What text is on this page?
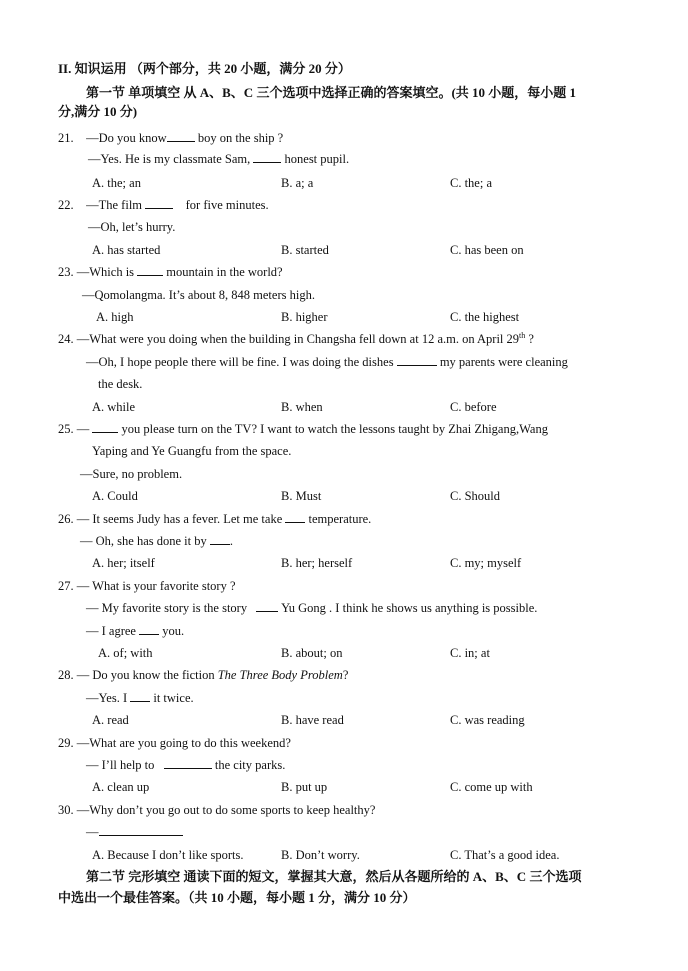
II. 知识运用 （两个部分，共 20 小题，满分 20 分）
第一节 单项填空 从 A、B、C 三个选项中选择正确的答案填空。(共 10 小题，每小题 1
分,满分 10 分)
21. —Do you know boy on the ship ?
—Yes. He is my classmate Sam,	honest pupil.
A. the; an	B. a; a	C. the; a
22. —The film	for five minutes.
—Oh, let’s hurry.
A. has started	B. started	C. has been on
23. —Which is	mountain in the world?
—Qomolangma. It’s about 8, 848 meters high.
A. high	B. higher	C. the highest
24. —What were you doing when the building in Changsha fell down at 12 a.m. on April 29th ?
—Oh, I hope people there will be fine. I was doing the dishes	my parents were cleaning
the desk.
A. while	B. when	C. before
25. —	you please turn on the TV? I want to watch the lessons taught by Zhai Zhigang,Wang
Yaping and Ye Guangfu from the space.
—Sure, no problem.
A. Could	B. Must	C. Should
26. — It seems Judy has a fever. Let me take temperature.
— Oh, she has done it by .
A. her; itself	B. her; herself	C. my; myself
27. — What is your favorite story ?
— My favorite story is the story	Yu Gong . I think he shows us anything is possible.
— I agree you.
A. of; with	B. about; on	C. in; at
28. — Do you know the fiction The Three Body Problem?
—Yes. I it twice.
A. read	B. have read	C. was reading
29. —What are you going to do this weekend?
— I’ll help to	the city parks.
A. clean up	B. put up	C. come up with
30. —Why don’t you go out to do some sports to keep healthy?
—
A. Because I don’t like sports.	B. Don’t worry.	C. That’s a good idea.
第二节 完形填空 通读下面的短文，掌握其大意，然后从各题所给的 A、B、C 三个选项
中选出一个最佳答案。（共 10 小题，每小题 1 分，满分 10 分）
